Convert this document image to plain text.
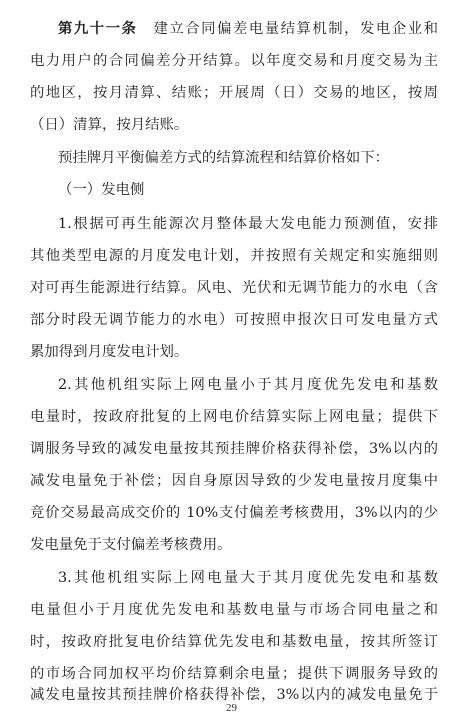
第九十一条 建立合同偏差电量结算机制，发电企业和
电力用户的合同偏差分开结算。以年度交易和月度交易为主
的地区，按月清算、结账；开展周（日）交易的地区，按周
（日）清算，按月结账。
预挂牌月平衡偏差方式的结算流程和结算价格如下：
（一）发电侧
1.根据可再生能源次月整体最大发电能力预测值，安排
其他类型电源的月度发电计划，并按照有关规定和实施细则
对可再生能源进行结算。风电、光伏和无调节能力的水电（含
部分时段无调节能力的水电）可按照申报次日可发电量方式
累加得到月度发电计划。
2.其他机组实际上网电量小于其月度优先发电和基数
电量时，按政府批复的上网电价结算实际上网电量；提供下
调服务导致的减发电量按其预挂牌价格获得补偿，3%以内的
减发电量免于补偿；因自身原因导致的少发电量按月度集中
竞价交易最高成交价的 10%支付偏差考核费用，3%以内的少
发电量免于支付偏差考核费用。
3.其他机组实际上网电量大于其月度优先发电和基数
电量但小于月度优先发电和基数电量与市场合同电量之和
时，按政府批复电价结算优先发电和基数电量，按其所签订
的市场合同加权平均价结算剩余电量；提供下调服务导致的
减发电量按其预挂牌价格获得补偿，3%以内的减发电量免于
29
